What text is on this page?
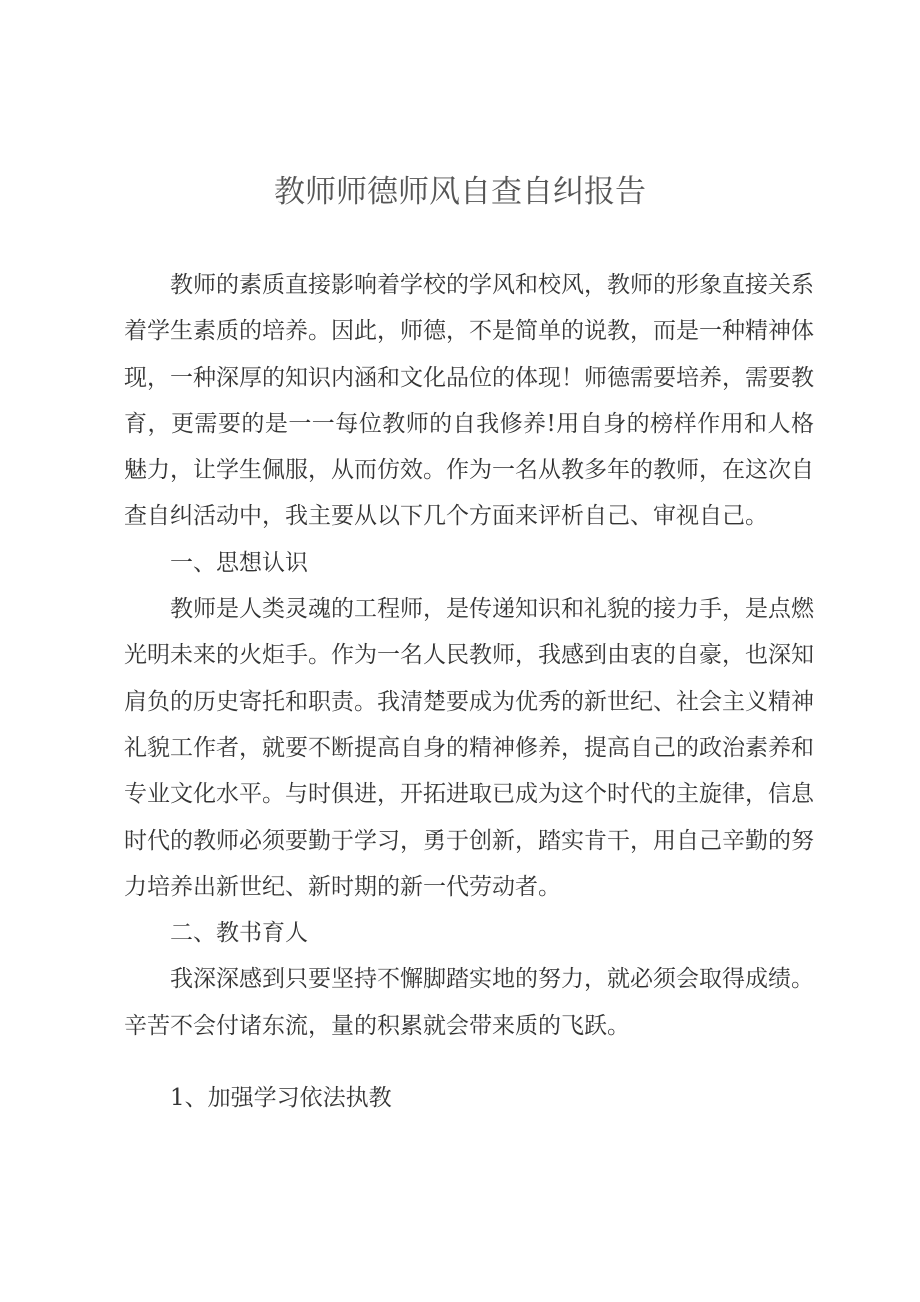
教师师德师风自查自纠报告

教师的素质直接影响着学校的学风和校风，教师的形象直接关系着学生素质的培养。因此，师德，不是简单的说教，而是一种精神体现，一种深厚的知识内涵和文化品位的体现！师德需要培养，需要教育，更需要的是一一每位教师的自我修养!用自身的榜样作用和人格魅力，让学生佩服，从而仿效。作为一名从教多年的教师，在这次自查自纠活动中，我主要从以下几个方面来评析自己、审视自己。

一、思想认识

教师是人类灵魂的工程师，是传递知识和礼貌的接力手，是点燃光明未来的火炬手。作为一名人民教师，我感到由衷的自豪，也深知肩负的历史寄托和职责。我清楚要成为优秀的新世纪、社会主义精神礼貌工作者，就要不断提高自身的精神修养，提高自己的政治素养和专业文化水平。与时俱进，开拓进取已成为这个时代的主旋律，信息时代的教师必须要勤于学习，勇于创新，踏实肯干，用自己辛勤的努力培养出新世纪、新时期的新一代劳动者。

二、教书育人

我深深感到只要坚持不懈脚踏实地的努力，就必须会取得成绩。辛苦不会付诸东流，量的积累就会带来质的飞跃。

1、加强学习依法执教
